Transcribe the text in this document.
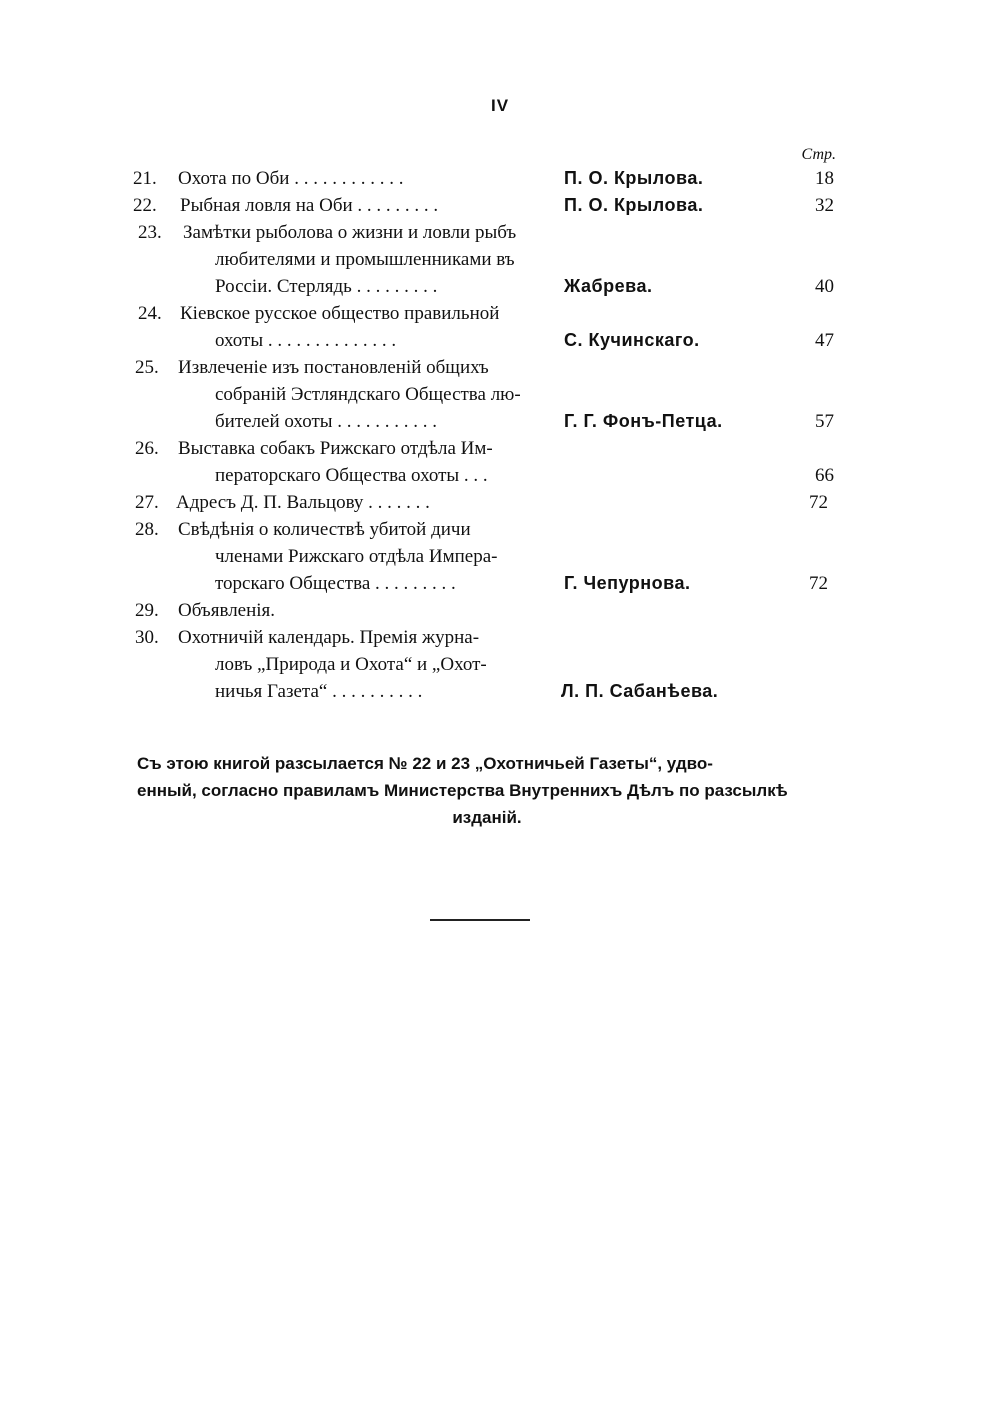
IV
Стр.
21.	Охота по Оби . . . . . . . . . . . .	П. О. Крылова.	18
22.	Рыбная ловля на Оби . . . . . . . . .	П. О. Крылова.	32
23.	Замѣтки рыболова о жизни и ловли рыбъ
любителями и промышленниками въ
Россіи. Стерлядь . . . . . . . . .	Жабрева.	40
24. Кіевское русское общество правильной
охоты . . . . . . . . . . . . . .	С. Кучинскаго.	47
25.	Извлеченіе изъ постановленій общихъ
собраній Эстляндскаго Общества лю-
бителей охоты . . . . . . . . . . .	Г. Г. Фонъ-Петца.	57
26.	Выставка собакъ Рижскаго отдѣла Им-
ператорскаго Общества охоты . . .	66
27. Адресъ Д. П. Вальцову . . . . . . .	72
28.	Свѣдѣнія о количествѣ убитой дичи
членами Рижскаго отдѣла Импера-
торскаго Общества . . . . . . . . .	Г. Чепурнова.	72
29.	Объявленія.
30.	Охотничій календарь. Премія журна-
ловъ „Природа и Охота“ и „Охот-
ничья Газета“ . . . . . . . . . .	Л. П. Сабанѣева.
Съ этою книгой разсылается № 22 и 23 „Охотничьей Газеты“, удво-
енный, согласно правиламъ Министерства Внутреннихъ Дѣлъ по разсылкѣ
изданій.
